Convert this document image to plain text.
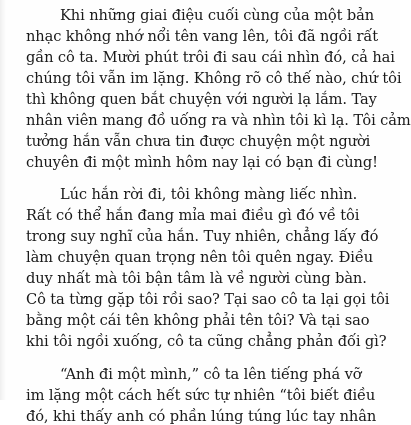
Khi những giai điệu cuối cùng của một bản
nhạc không nhớ nổi tên vang lên, tôi đã ngồi rất
gần cô ta. Mười phút trôi đi sau cái nhìn đó, cả hai
chúng tôi vẫn im lặng. Không rõ cô thế nào, chứ tôi
thì không quen bắt chuyện với người lạ lắm. Tay
nhân viên mang đồ uống ra và nhìn tôi kì lạ. Tôi cảm
tưởng hắn vẫn chưa tin được chuyện một người
chuyên đi một mình hôm nay lại có bạn đi cùng!
Lúc hắn rời đi, tôi không màng liếc nhìn.
Rất có thể hắn đang mỉa mai điều gì đó về tôi
trong suy nghĩ của hắn. Tuy nhiên, chẳng lấy đó
làm chuyện quan trọng nên tôi quên ngay. Điều
duy nhất mà tôi bận tâm là về người cùng bàn.
Cô ta từng gặp tôi rồi sao? Tại sao cô ta lại gọi tôi
bằng một cái tên không phải tên tôi? Và tại sao
khi tôi ngồi xuống, cô ta cũng chẳng phản đối gì?
“Anh đi một mình,” cô ta lên tiếng phá vỡ
im lặng một cách hết sức tự nhiên “tôi biết điều
đó, khi thấy anh có phần lúng túng lúc tay nhân
